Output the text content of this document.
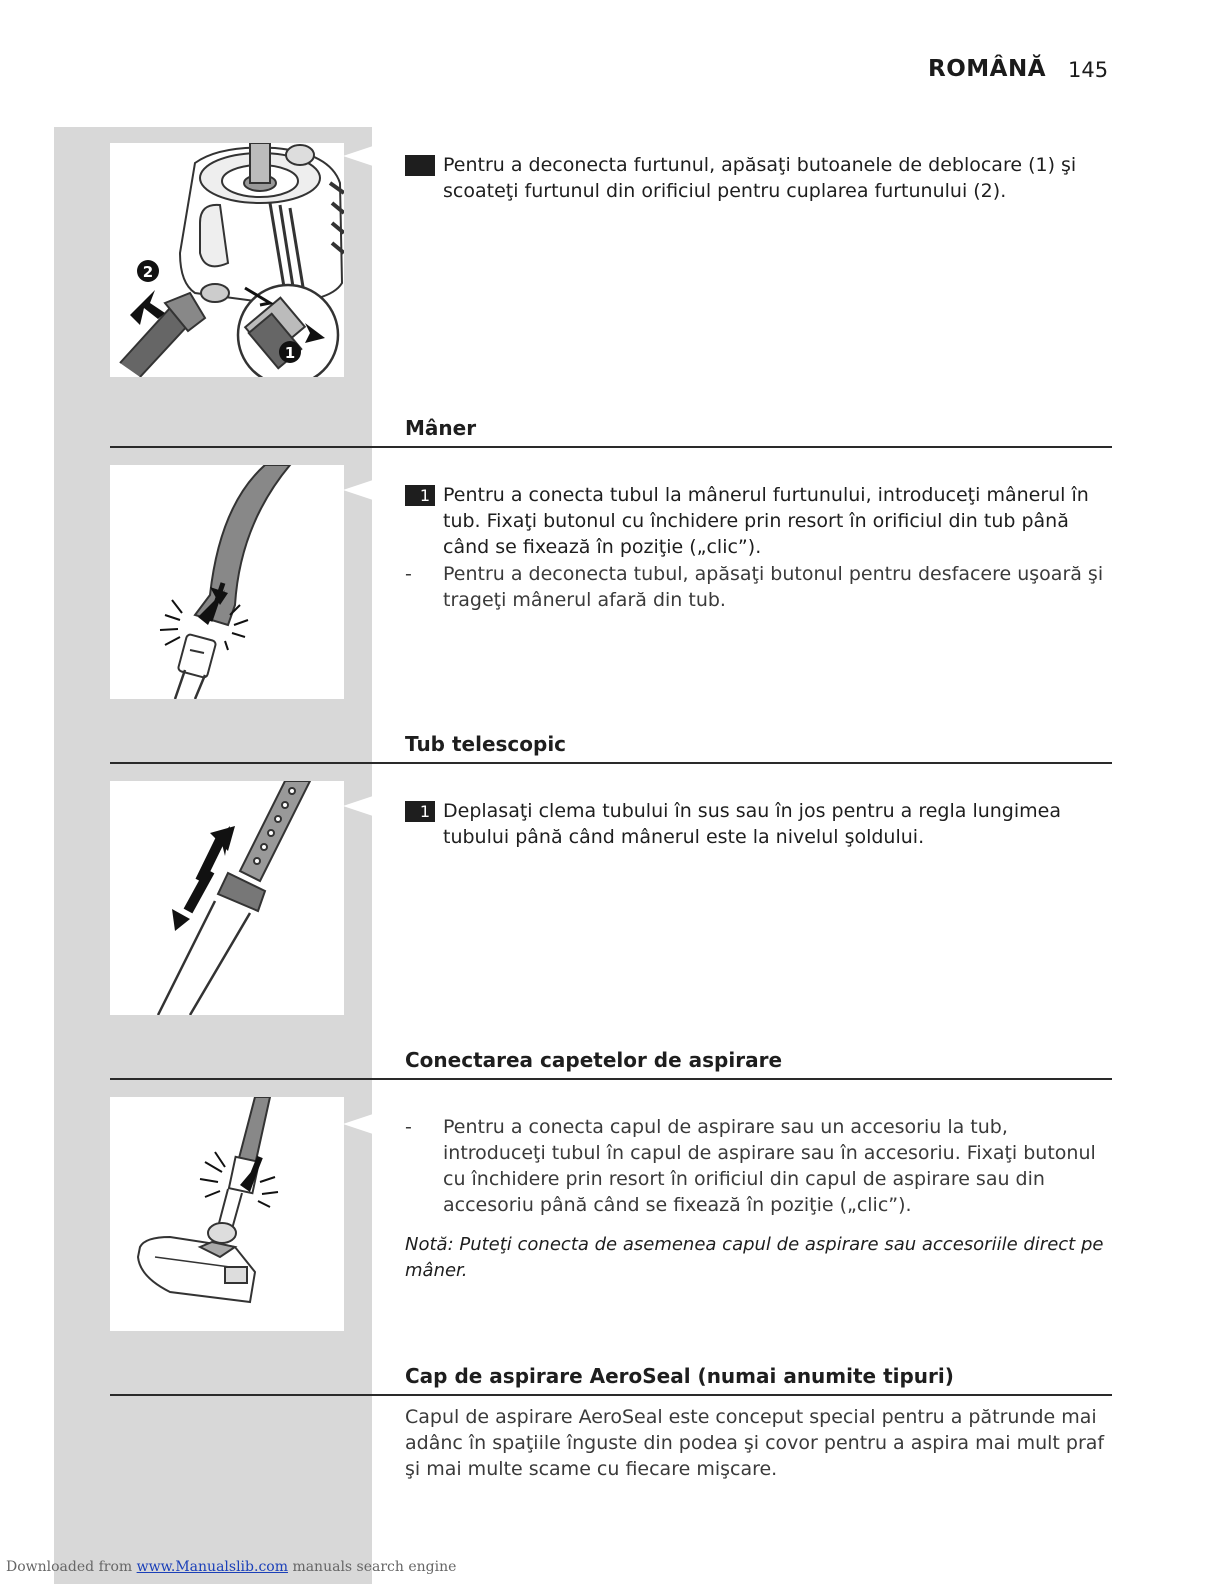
ROMÂNĂ 145
2
1
Pentru a deconecta furtunul, apăsaţi butoanele de deblocare (1) şi scoateţi furtunul din orificiul pentru cuplarea furtunului (2).
Mâner
1 Pentru a conecta tubul la mânerul furtunului, introduceţi mânerul în tub. Fixaţi butonul cu închidere prin resort în orificiul din tub până când se fixează în poziţie („clic”).
-	Pentru a deconecta tubul, apăsaţi butonul pentru desfacere uşoară şi trageţi mânerul afară din tub.
Tub telescopic
1 Deplasaţi clema tubului în sus sau în jos pentru a regla lungimea tubului până când mânerul este la nivelul şoldului.
Conectarea capetelor de aspirare
-	Pentru a conecta capul de aspirare sau un accesoriu la tub, introduceţi tubul în capul de aspirare sau în accesoriu. Fixaţi butonul cu închidere prin resort în orificiul din capul de aspirare sau din accesoriu până când se fixează în poziţie („clic”).
Notă: Puteţi conecta de asemenea capul de aspirare sau accesoriile direct pe mâner.
Cap de aspirare AeroSeal (numai anumite tipuri)
Capul de aspirare AeroSeal este conceput special pentru a pătrunde mai adânc în spaţiile înguste din podea şi covor pentru a aspira mai mult praf şi mai multe scame cu fiecare mişcare.
Downloaded from www.Manualslib.com manuals search engine
